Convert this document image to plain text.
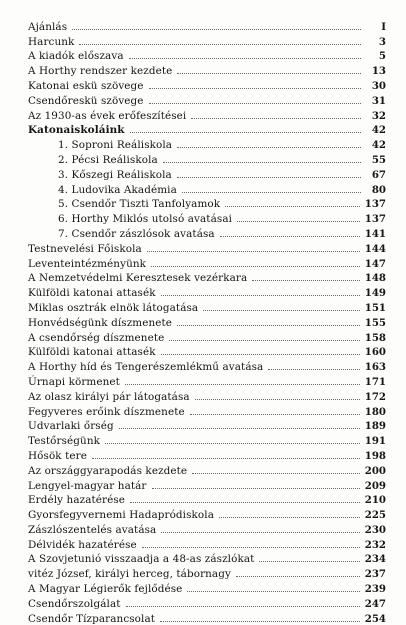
Ajánlás	I
Harcunk	3
A kiadók előszava	5
A Horthy rendszer kezdete	13
Katonai eskü szövege	30
Csendőreskü szövege	31
Az 1930-as évek erőfeszítései	32
Katonaiskoláink	42
1. Soproni Reáliskola	42
2. Pécsi Reáliskola	55
3. Kőszegi Reáliskola	67
4. Ludovika Akadémia	80
5. Csendőr Tiszti Tanfolyamok	137
6. Horthy Miklós utolsó avatásai	137
7. Csendőr zászlósok avatása	141
Testnevelési Főiskola	144
Leventeintézményünk	147
A Nemzetvédelmi Keresztesek vezérkara	148
Külföldi katonai attasék	149
Miklas osztrák elnök látogatása	151
Honvédségünk díszmenete	155
A csendőrség díszmenete	158
Külföldi katonai attasék	160
A Horthy híd és Tengerészemlékmű avatása	163
Úrnapi körmenet	171
Az olasz királyi pár látogatása	172
Fegyveres erőink díszmenete	180
Udvarlaki őrség	189
Testőrségünk	191
Hősök tere	198
Az országgyarapodás kezdete	200
Lengyel-magyar határ	209
Erdély hazatérése	210
Gyorsfegyvernemi Hadapródiskola	225
Zászlószentelés avatása	230
Délvidék hazatérése	232
A Szovjetunió visszaadja a 48-as zászlókat	234
vitéz József, királyi herceg, tábornagy	237
A Magyar Légierők fejlődése	239
Csendőrszolgálat	247
Csendőr Tízparancsolat	254
